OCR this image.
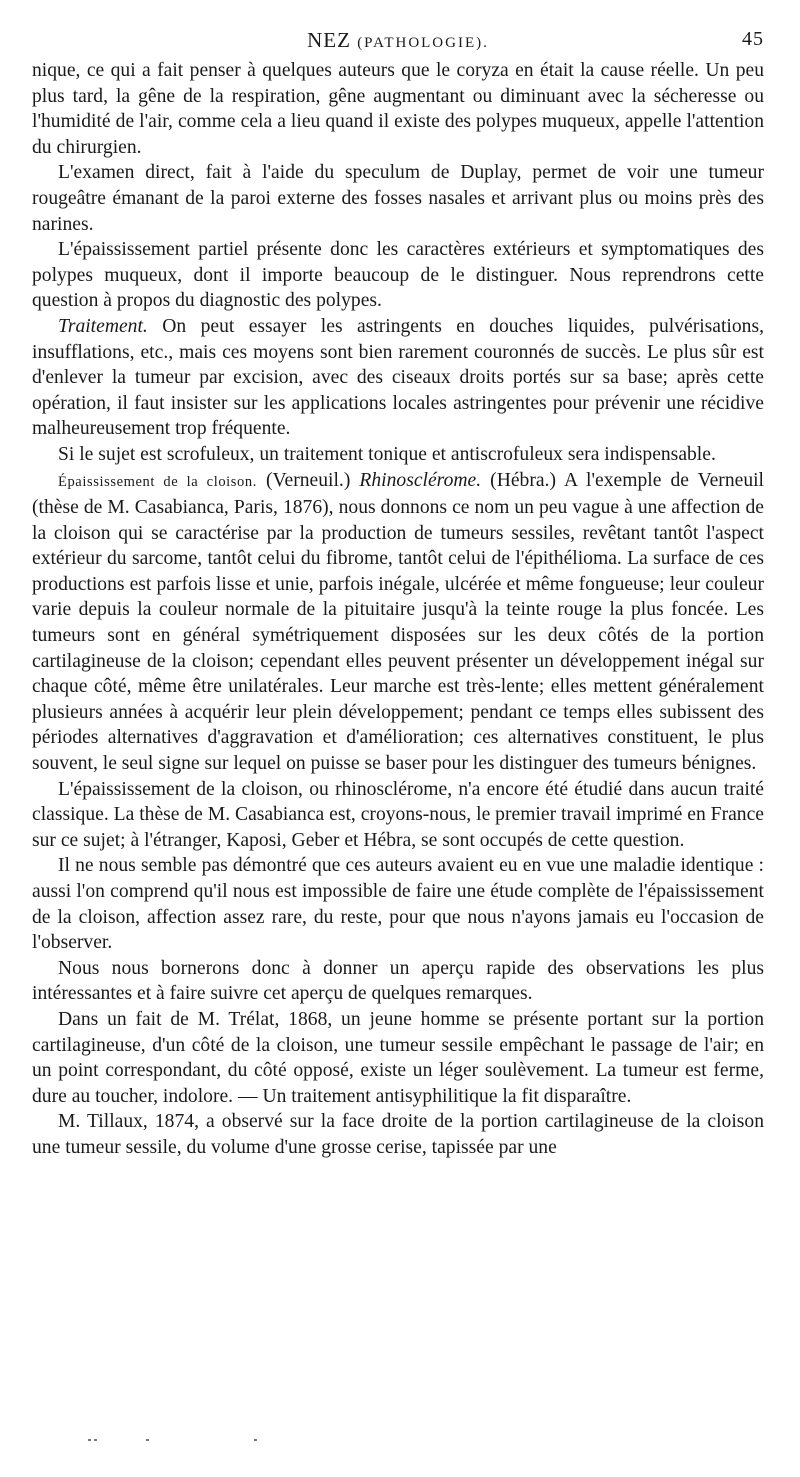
NEZ (PATHOLOGIE).	45

nique, ce qui a fait penser à quelques auteurs que le coryza en était la cause réelle. Un peu plus tard, la gêne de la respiration, gêne augmentant ou diminuant avec la sécheresse ou l'humidité de l'air, comme cela a lieu quand il existe des polypes muqueux, appelle l'attention du chirurgien.

L'examen direct, fait à l'aide du speculum de Duplay, permet de voir une tumeur rougeâtre émanant de la paroi externe des fosses nasales et arrivant plus ou moins près des narines.

L'épaississement partiel présente donc les caractères extérieurs et symptomatiques des polypes muqueux, dont il importe beaucoup de le distinguer. Nous reprendrons cette question à propos du diagnostic des polypes.

Traitement. On peut essayer les astringents en douches liquides, pulvérisations, insufflations, etc., mais ces moyens sont bien rarement couronnés de succès. Le plus sûr est d'enlever la tumeur par excision, avec des ciseaux droits portés sur sa base; après cette opération, il faut insister sur les applications locales astringentes pour prévenir une récidive malheureusement trop fréquente.

Si le sujet est scrofuleux, un traitement tonique et antiscrofuleux sera indispensable.

Épaississement de la cloison. (Verneuil.) Rhinosclérome. (Hébra.) A l'exemple de Verneuil (thèse de M. Casabianca, Paris, 1876), nous donnons ce nom un peu vague à une affection de la cloison qui se caractérise par la production de tumeurs sessiles, revêtant tantôt l'aspect extérieur du sarcome, tantôt celui du fibrome, tantôt celui de l'épithélioma. La surface de ces productions est parfois lisse et unie, parfois inégale, ulcérée et même fongueuse; leur couleur varie depuis la couleur normale de la pituitaire jusqu'à la teinte rouge la plus foncée. Les tumeurs sont en général symétriquement disposées sur les deux côtés de la portion cartilagineuse de la cloison; cependant elles peuvent présenter un développement inégal sur chaque côté, même être unilatérales. Leur marche est très-lente; elles mettent généralement plusieurs années à acquérir leur plein développement; pendant ce temps elles subissent des périodes alternatives d'aggravation et d'amélioration; ces alternatives constituent, le plus souvent, le seul signe sur lequel on puisse se baser pour les distinguer des tumeurs bénignes.

L'épaississement de la cloison, ou rhinosclérome, n'a encore été étudié dans aucun traité classique. La thèse de M. Casabianca est, croyons-nous, le premier travail imprimé en France sur ce sujet; à l'étranger, Kaposi, Geber et Hébra, se sont occupés de cette question.

Il ne nous semble pas démontré que ces auteurs avaient eu en vue une maladie identique : aussi l'on comprend qu'il nous est impossible de faire une étude complète de l'épaississement de la cloison, affection assez rare, du reste, pour que nous n'ayons jamais eu l'occasion de l'observer.

Nous nous bornerons donc à donner un aperçu rapide des observations les plus intéressantes et à faire suivre cet aperçu de quelques remarques.

Dans un fait de M. Trélat, 1868, un jeune homme se présente portant sur la portion cartilagineuse, d'un côté de la cloison, une tumeur sessile empêchant le passage de l'air; en un point correspondant, du côté opposé, existe un léger soulèvement. La tumeur est ferme, dure au toucher, indolore. — Un traitement antisyphilitique la fit disparaître.

M. Tillaux, 1874, a observé sur la face droite de la portion cartilagineuse de la cloison une tumeur sessile, du volume d'une grosse cerise, tapissée par une
